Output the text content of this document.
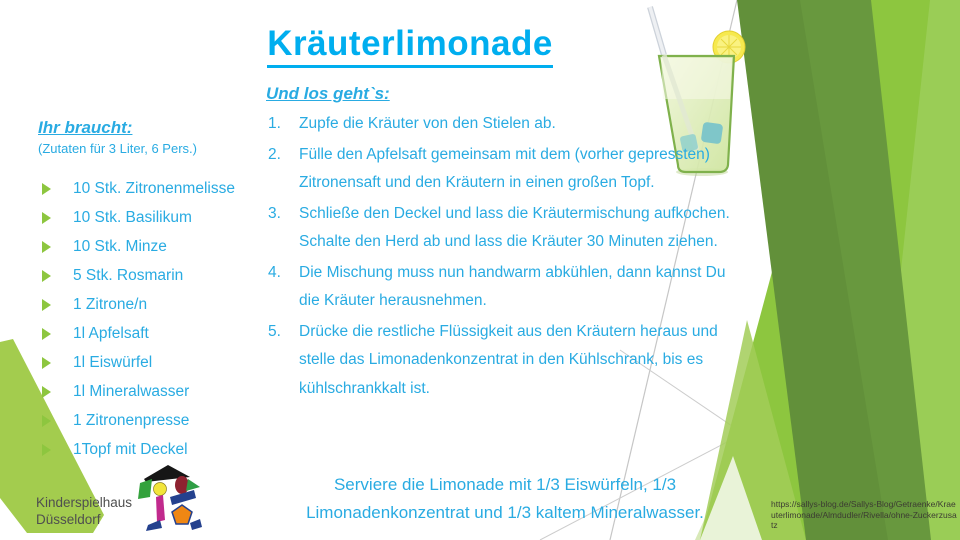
Kräuterlimonade
Ihr braucht:
(Zutaten für 3 Liter, 6 Pers.)
10 Stk. Zitronenmelisse
10 Stk. Basilikum
10 Stk. Minze
5 Stk. Rosmarin
1 Zitrone/n
1l Apfelsaft
1l Eiswürfel
1l Mineralwasser
1 Zitronenpresse
1Topf mit Deckel
Und los geht`s:
Zupfe die Kräuter von den Stielen ab.
Fülle den Apfelsaft gemeinsam mit dem (vorher gepressten) Zitronensaft und den Kräutern in einen großen Topf.
Schließe den Deckel und lass die Kräutermischung aufkochen. Schalte den Herd ab und lass die Kräuter 30 Minuten ziehen.
Die Mischung muss nun handwarm abkühlen, dann kannst Du die Kräuter herausnehmen.
Drücke die restliche Flüssigkeit aus den Kräutern heraus und stelle das Limonadenkonzentrat in den Kühlschrank, bis es kühlschrankkalt ist.
Serviere die Limonade mit 1/3 Eiswürfeln, 1/3 Limonadenkonzentrat und 1/3 kaltem Mineralwasser.
Kinderspielhaus
Düsseldorf
https://sallys-blog.de/Sallys-Blog/Getraenke/Kraeuterlimonade/Almdudler/Rivella/ohne-Zuckerzusatz
